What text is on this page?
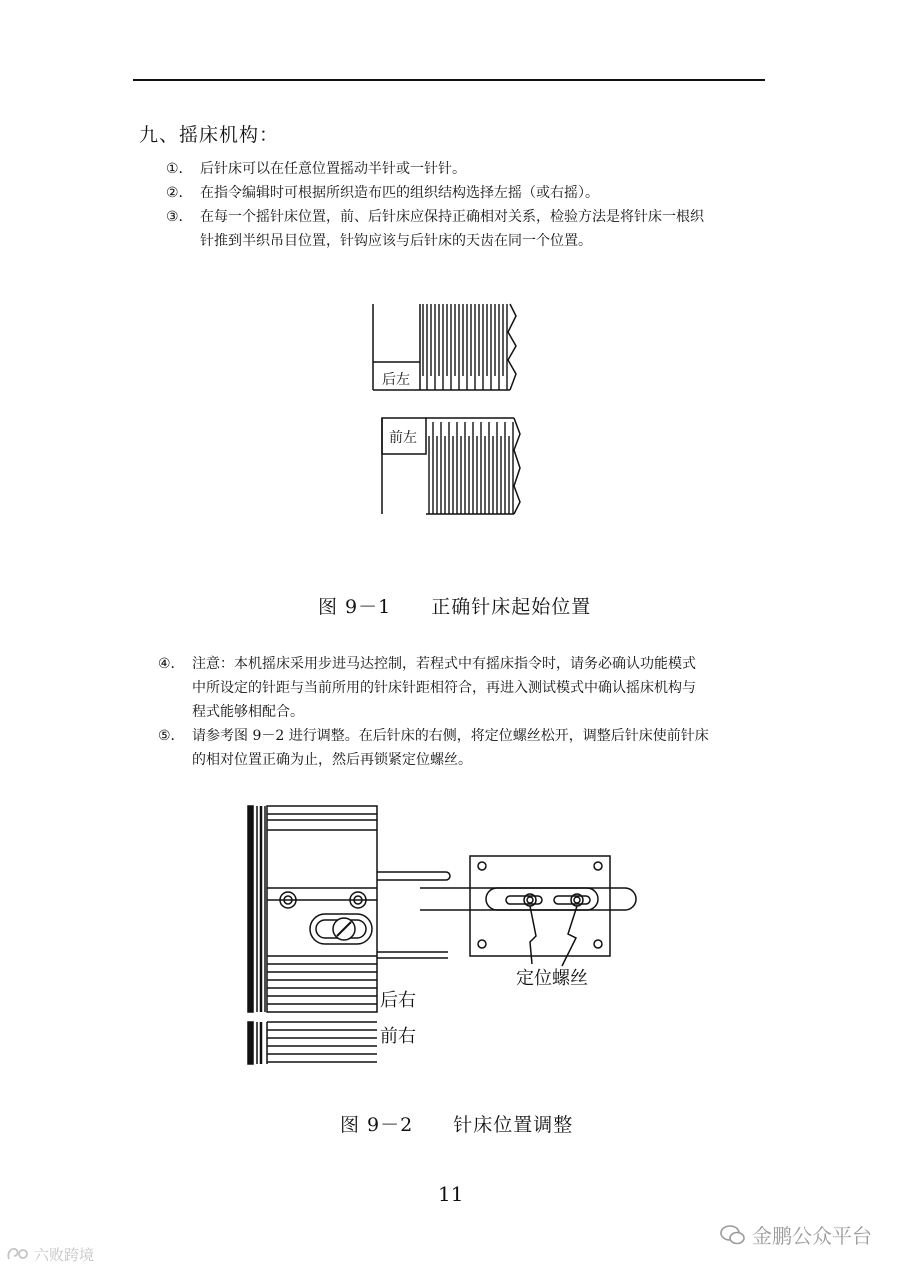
九、摇床机构：
①． 后针床可以在任意位置摇动半针或一针针。
②． 在指令编辑时可根据所织造布匹的组织结构选择左摇（或右摇）。
③． 在每一个摇针床位置，前、后针床应保持正确相对关系，检验方法是将针床一根织
针推到半织吊目位置，针钩应该与后针床的天齿在同一个位置。
后左
前左
图 9－1 正确针床起始位置
④． 注意：本机摇床采用步进马达控制，若程式中有摇床指令时，请务必确认功能模式
中所设定的针距与当前所用的针床针距相符合，再进入测试模式中确认摇床机构与
程式能够相配合。
⑤． 请参考图 9－2 进行调整。在后针床的右侧，将定位螺丝松开，调整后针床使前针床
的相对位置正确为止，然后再锁紧定位螺丝。
后右
前右
定位螺丝
图 9－2 针床位置调整
11
金鹏公众平台
六败跨境
